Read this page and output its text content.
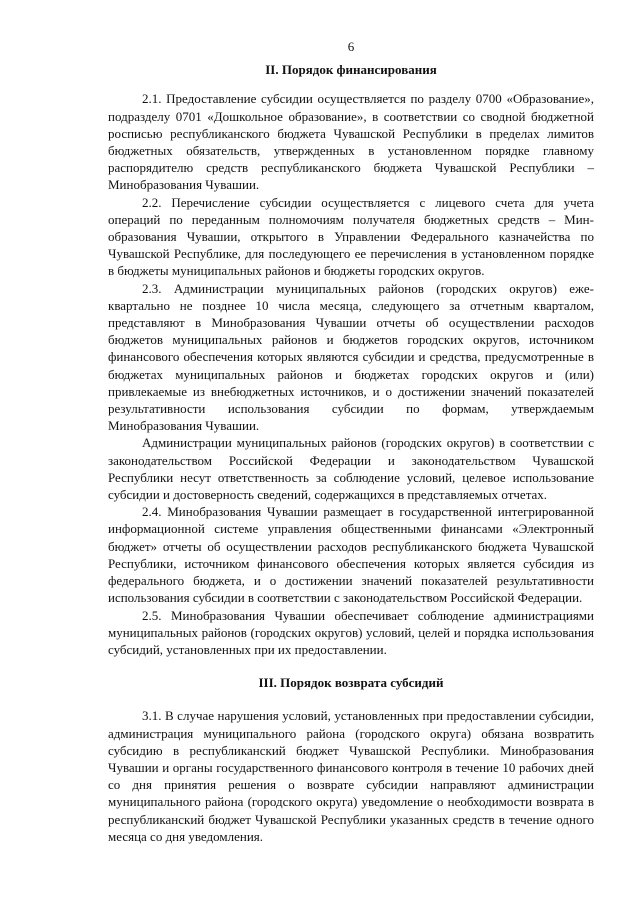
6
II. Порядок финансирования

2.1. Предоставление субсидии осуществляется по разделу 0700 «Образование», подразделу 0701 «Дошкольное образование», в соответствии со сводной бюджетной росписью республиканского бюджета Чувашской Республики в пределах лимитов бюджетных обязательств, утвержденных в установленном порядке главному распорядителю средств республиканского бюджета Чувашской Республики – Минобразования Чувашии.

2.2. Перечисление субсидии осуществляется с лицевого счета для учета операций по переданным полномочиям получателя бюджетных средств – Минобразования Чувашии, открытого в Управлении Федерального казначейства по Чувашской Республике, для последующего ее перечисления в установленном порядке в бюджеты муниципальных районов и бюджеты городских округов.

2.3. Администрации муниципальных районов (городских округов) ежеквартально не позднее 10 числа месяца, следующего за отчетным кварталом, представляют в Минобразования Чувашии отчеты об осуществлении расходов бюджетов муниципальных районов и бюджетов городских округов, источником финансового обеспечения которых являются субсидии и средства, предусмотренные в бюджетах муниципальных районов и бюджетах городских округов и (или) привлекаемые из внебюджетных источников, и о достижении значений показателей результативности использования субсидии по формам, утверждаемым Минобразования Чувашии.

Администрации муниципальных районов (городских округов) в соответствии с законодательством Российской Федерации и законодательством Чувашской Республики несут ответственность за соблюдение условий, целевое использование субсидии и достоверность сведений, содержащихся в представляемых отчетах.

2.4. Минобразования Чувашии размещает в государственной интегрированной информационной системе управления общественными финансами «Электронный бюджет» отчеты об осуществлении расходов республиканского бюджета Чувашской Республики, источником финансового обеспечения которых является субсидия из федерального бюджета, и о достижении значений показателей результативности использования субсидии в соответствии с законодательством Российской Федерации.

2.5. Минобразования Чувашии обеспечивает соблюдение администрациями муниципальных районов (городских округов) условий, целей и порядка использования субсидий, установленных при их предоставлении.

III. Порядок возврата субсидий

3.1. В случае нарушения условий, установленных при предоставлении субсидии, администрация муниципального района (городского округа) обязана возвратить субсидию в республиканский бюджет Чувашской Республики. Минобразования Чувашии и органы государственного финансового контроля в течение 10 рабочих дней со дня принятия решения о возврате субсидии направляют администрации муниципального района (городского округа) уведомление о необходимости возврата в республиканский бюджет Чувашской Республики указанных средств в течение одного месяца со дня уведомления.
